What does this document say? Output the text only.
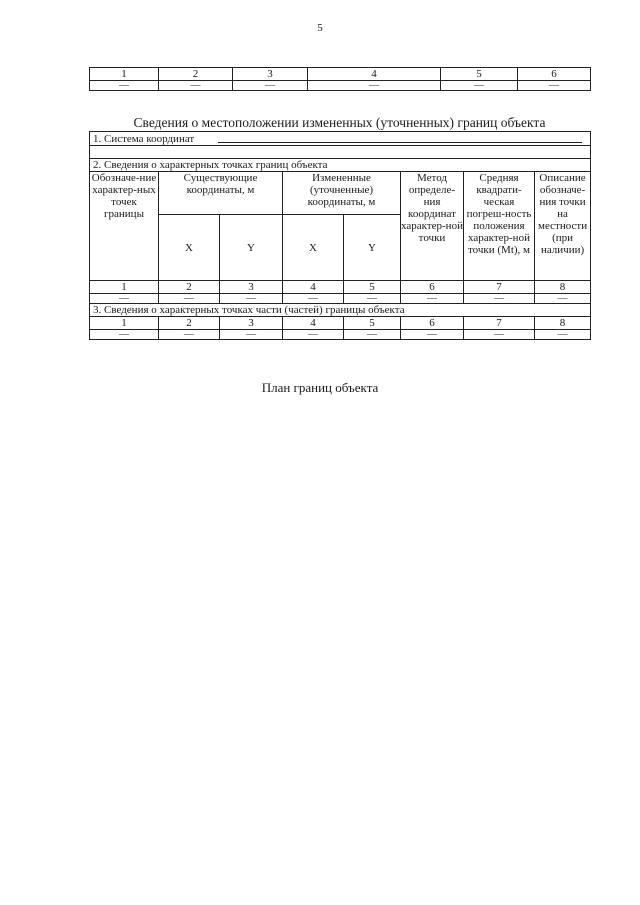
5
1	2	3	4	5	6
—	—	—	—	—	—
Сведения о местоположении измененных (уточненных) границ объекта
1. Система координат							

2. Сведения о характерных точках границ объекта							
Обозначе-ние характер-ных точек границы	Существующие координаты, м		Измененные (уточненные) координаты, м		Метод определе-ния координат характер-ной точки	Средняя квадрати-ческая погреш-ность положения характер-ной точки (Mt), м	Описание обозначе-ния точки на местности (при наличии)
	X	Y	X	Y			
1	2	3	4	5	6	7	8
—	—	—	—	—	—	—	—
3. Сведения о характерных точках части (частей) границы объекта							
1	2	3	4	5	6	7	8
—	—	—	—	—	—	—	—
План границ объекта
